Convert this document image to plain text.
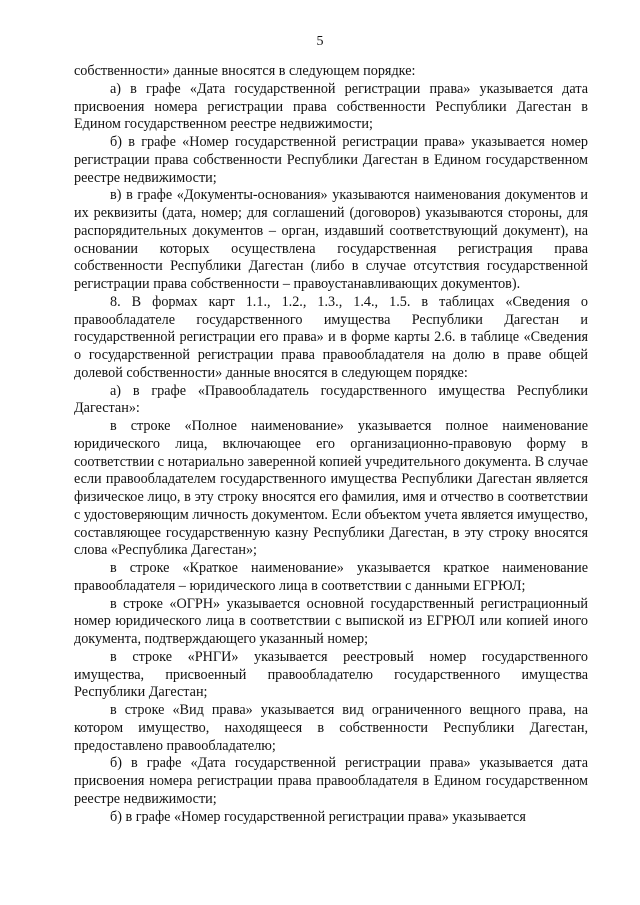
5

собственности» данные вносятся в следующем порядке:

а) в графе «Дата государственной регистрации права» указывается дата присвоения номера регистрации права собственности Республики Дагестан в Едином государственном реестре недвижимости;

б) в графе «Номер государственной регистрации права» указывается номер регистрации права собственности Республики Дагестан в Едином государственном реестре недвижимости;

в) в графе «Документы-основания» указываются наименования документов и их реквизиты (дата, номер; для соглашений (договоров) указываются стороны, для распорядительных документов – орган, издавший соответствующий документ), на основании которых осуществлена государственная регистрация права собственности Республики Дагестан (либо в случае отсутствия государственной регистрации права собственности – правоустанавливающих документов).

8. В формах карт 1.1., 1.2., 1.3., 1.4., 1.5. в таблицах «Сведения о правообладателе государственного имущества Республики Дагестан и государственной регистрации его права» и в форме карты 2.6. в таблице «Сведения о государственной регистрации права правообладателя на долю в праве общей долевой собственности» данные вносятся в следующем порядке:

а) в графе «Правообладатель государственного имущества Республики Дагестан»:

в строке «Полное наименование» указывается полное наименование юридического лица, включающее его организационно-правовую форму в соответствии с нотариально заверенной копией учредительного документа. В случае если правообладателем государственного имущества Республики Дагестан является физическое лицо, в эту строку вносятся его фамилия, имя и отчество в соответствии с удостоверяющим личность документом. Если объектом учета является имущество, составляющее государственную казну Республики Дагестан, в эту строку вносятся слова «Республика Дагестан»;

в строке «Краткое наименование» указывается краткое наименование правообладателя – юридического лица в соответствии с данными ЕГРЮЛ;

в строке «ОГРН» указывается основной государственный регистрационный номер юридического лица в соответствии с выпиской из ЕГРЮЛ или копией иного документа, подтверждающего указанный номер;

в строке «РНГИ» указывается реестровый номер государственного имущества, присвоенный правообладателю государственного имущества Республики Дагестан;

в строке «Вид права» указывается вид ограниченного вещного права, на котором имущество, находящееся в собственности Республики Дагестан, предоставлено правообладателю;

б) в графе «Дата государственной регистрации права» указывается дата присвоения номера регистрации права правообладателя в Едином государственном реестре недвижимости;

б) в графе «Номер государственной регистрации права» указывается
